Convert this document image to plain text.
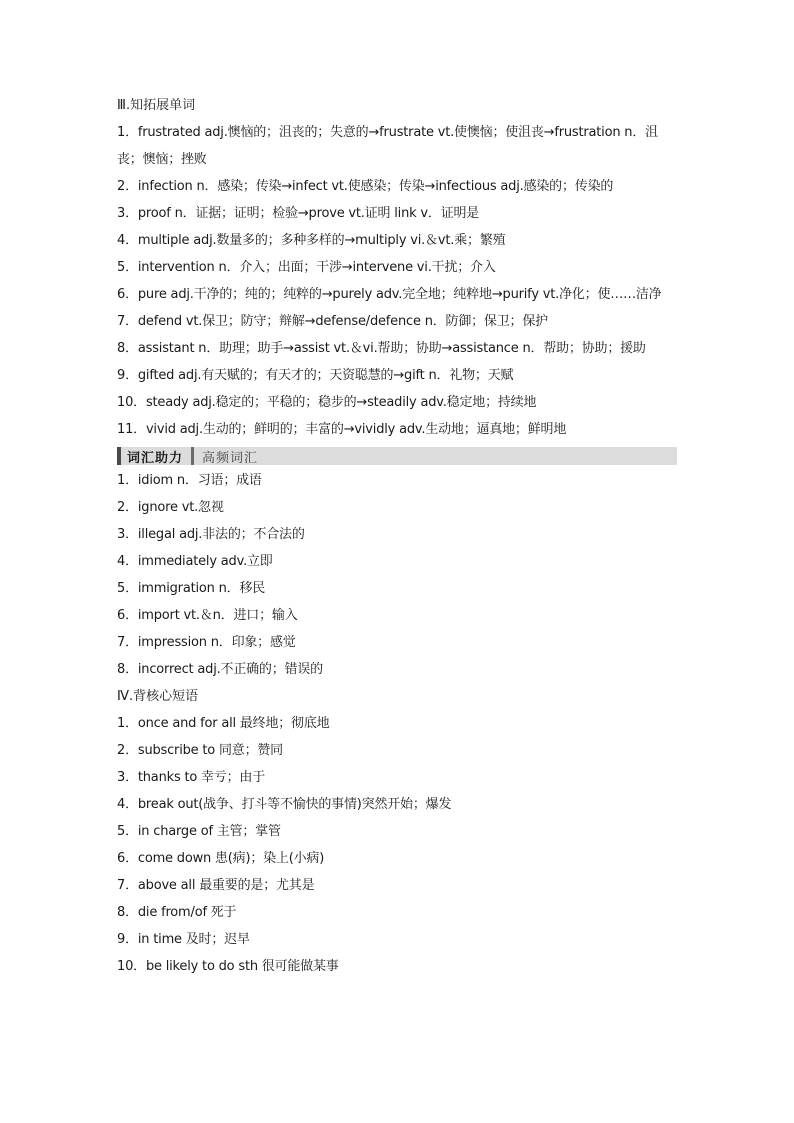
Ⅲ.知拓展单词
1．frustrated adj.懊恼的；沮丧的；失意的→frustrate vt.使懊恼；使沮丧→frustration n．沮丧；懊恼；挫败
2．infection n．感染；传染→infect vt.使感染；传染→infectious adj.感染的；传染的
3．proof n．证据；证明；检验→prove vt.证明 link v．证明是
4．multiple adj.数量多的；多种多样的→multiply vi.＆vt.乘；繁殖
5．intervention n．介入；出面；干涉→intervene vi.干扰；介入
6．pure adj.干净的；纯的；纯粹的→purely adv.完全地；纯粹地→purify vt.净化；使……洁净
7．defend vt.保卫；防守；辩解→defense/defence n．防御；保卫；保护
8．assistant n．助理；助手→assist vt.＆vi.帮助；协助→assistance n．帮助；协助；援助
9．gifted adj.有天赋的；有天才的；天资聪慧的→gift n．礼物；天赋
10．steady adj.稳定的；平稳的；稳步的→steadily adv.稳定地；持续地
11．vivid adj.生动的；鲜明的；丰富的→vividly adv.生动地；逼真地；鲜明地
词汇助力 高频词汇
1．idiom n．习语；成语
2．ignore vt.忽视
3．illegal adj.非法的；不合法的
4．immediately adv.立即
5．immigration n．移民
6．import vt.＆n．进口；输入
7．impression n．印象；感觉
8．incorrect adj.不正确的；错误的
Ⅳ.背核心短语
1．once and for all 最终地；彻底地
2．subscribe to 同意；赞同
3．thanks to 幸亏；由于
4．break out(战争、打斗等不愉快的事情)突然开始；爆发
5．in charge of 主管；掌管
6．come down 患(病)；染上(小病)
7．above all 最重要的是；尤其是
8．die from/of 死于
9．in time 及时；迟早
10．be likely to do sth 很可能做某事
